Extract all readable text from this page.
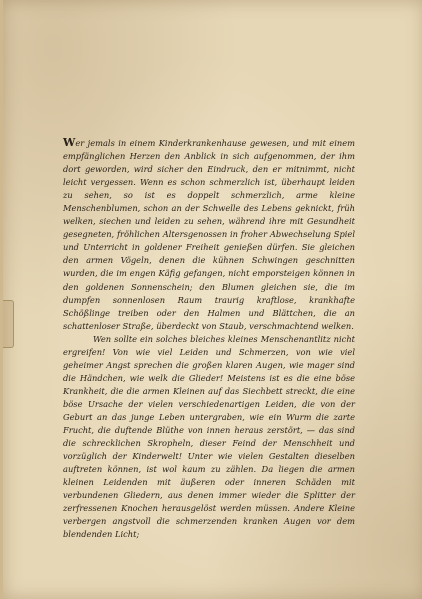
Wer jemals in einem Kinderkrankenhause gewesen, und mit einem empfänglichen Herzen den Anblick in sich aufgenommen, der ihm dort geworden, wird sicher den Eindruck, den er mitnimmt, nicht leicht vergessen. Wenn es schon schmerzlich ist, überhaupt leiden zu sehen, so ist es doppelt schmerzlich, arme kleine Menschenblumen, schon an der Schwelle des Lebens geknickt, früh welken, siechen und leiden zu sehen, während ihre mit Gesundheit gesegneten, fröhlichen Altersgenossen in froher Abwechselung Spiel und Unterricht in goldener Freiheit genießen dürfen. Sie gleichen den armen Vögeln, denen die kühnen Schwingen geschnitten wurden, die im engen Käfig gefangen, nicht emporsteigen können in den goldenen Sonnenschein; den Blumen gleichen sie, die im dumpfen sonnenlosen Raum traurig kraftlose, krankhafte Schößlinge treiben oder den Halmen und Blättchen, die an schattenloser Straße, überdeckt von Staub, verschmachtend welken.

Wen sollte ein solches bleiches kleines Menschenantlitz nicht ergreifen! Von wie viel Leiden und Schmerzen, von wie viel geheimer Angst sprechen die großen klaren Augen, wie mager sind die Händchen, wie welk die Glieder! Meistens ist es die eine böse Krankheit, die die armen Kleinen auf das Siechbett streckt, die eine böse Ursache der vielen verschiedenartigen Leiden, die von der Geburt an das junge Leben untergraben, wie ein Wurm die zarte Frucht, die duftende Blüthe von innen heraus zerstört, — das sind die schrecklichen Skropheln, dieser Feind der Menschheit und vorzüglich der Kinderwelt! Unter wie vielen Gestalten dieselben auftreten können, ist wol kaum zu zählen. Da liegen die armen kleinen Leidenden mit äußeren oder inneren Schäden mit verbundenen Gliedern, aus denen immer wieder die Splitter der zerfressenen Knochen herausgelöst werden müssen. Andere Kleine verbergen angstvoll die schmerzenden kranken Augen vor dem blendenden Licht;
